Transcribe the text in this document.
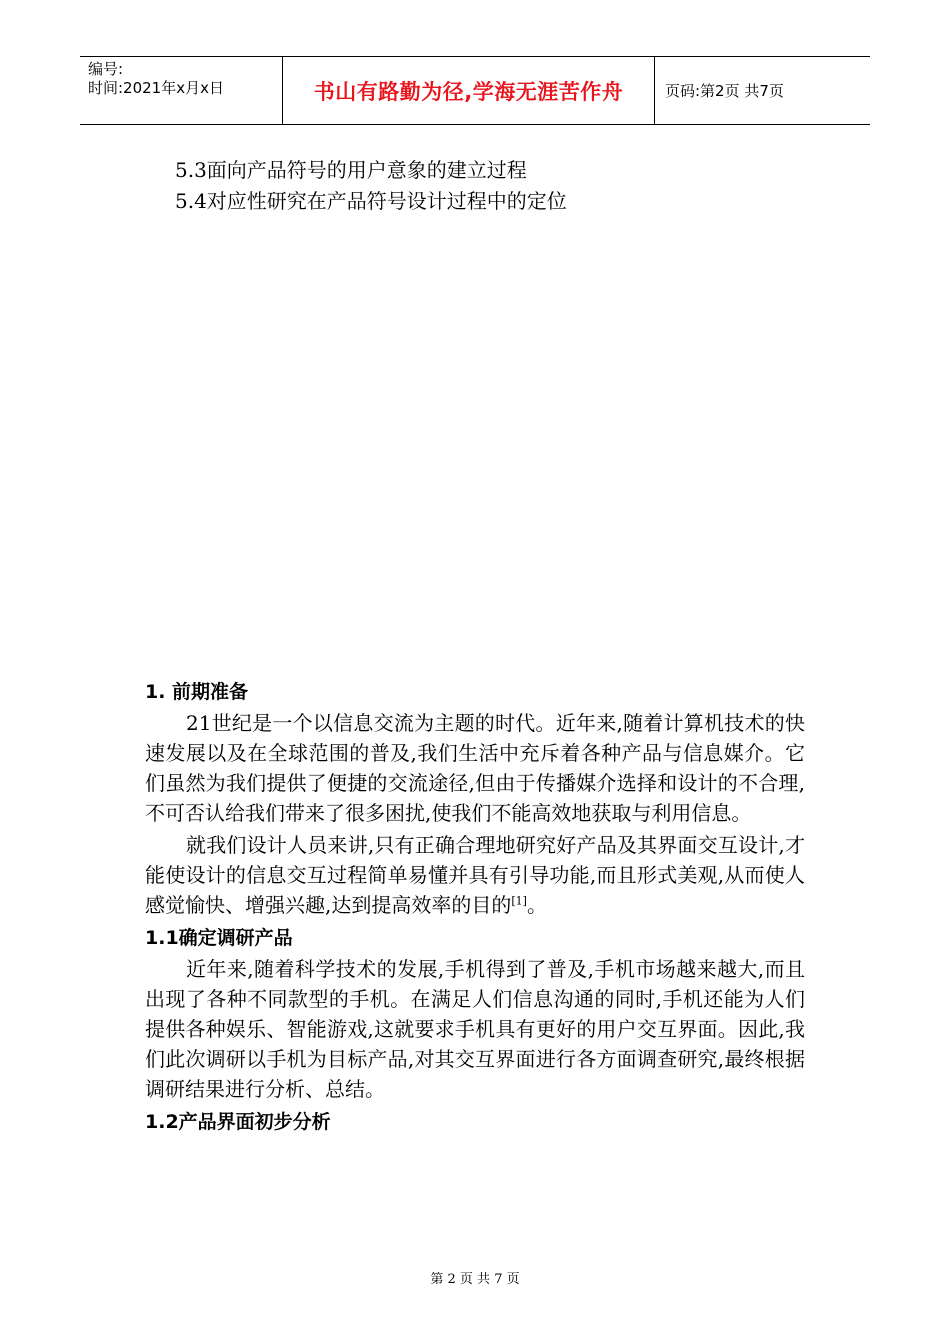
编号:
时间:2021年x月x日	书山有路勤为径,学海无涯苦作舟	页码:第2页 共7页
5.3面向产品符号的用户意象的建立过程
5.4对应性研究在产品符号设计过程中的定位
1. 前期准备

21世纪是一个以信息交流为主题的时代。近年来,随着计算机技术的快速发展以及在全球范围的普及,我们生活中充斥着各种产品与信息媒介。它们虽然为我们提供了便捷的交流途径,但由于传播媒介选择和设计的不合理,不可否认给我们带来了很多困扰,使我们不能高效地获取与利用信息。

就我们设计人员来讲,只有正确合理地研究好产品及其界面交互设计,才能使设计的信息交互过程简单易懂并具有引导功能,而且形式美观,从而使人感觉愉快、增强兴趣,达到提高效率的目的[1]。

1.1确定调研产品

近年来,随着科学技术的发展,手机得到了普及,手机市场越来越大,而且出现了各种不同款型的手机。在满足人们信息沟通的同时,手机还能为人们提供各种娱乐、智能游戏,这就要求手机具有更好的用户交互界面。因此,我们此次调研以手机为目标产品,对其交互界面进行各方面调查研究,最终根据调研结果进行分析、总结。

1.2产品界面初步分析
第 2 页 共 7 页
